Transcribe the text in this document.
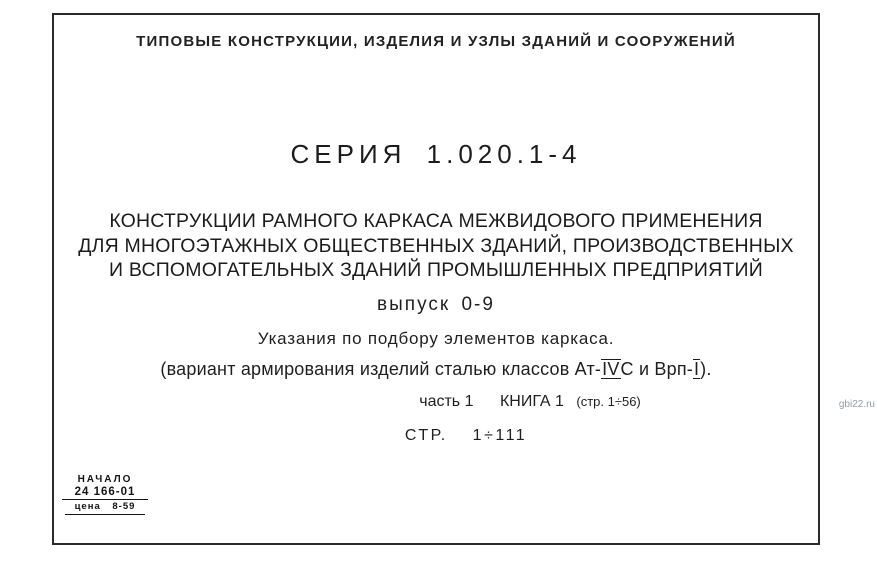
ТИПОВЫЕ КОНСТРУКЦИИ, ИЗДЕЛИЯ И УЗЛЫ ЗДАНИЙ И СООРУЖЕНИЙ
СЕРИЯ 1.020.1-4
КОНСТРУКЦИИ РАМНОГО КАРКАСА МЕЖВИДОВОГО ПРИМЕНЕНИЯ
ДЛЯ МНОГОЭТАЖНЫХ ОБЩЕСТВЕННЫХ ЗДАНИЙ, ПРОИЗВОДСТВЕННЫХ
И ВСПОМОГАТЕЛЬНЫХ ЗДАНИЙ ПРОМЫШЛЕННЫХ ПРЕДПРИЯТИЙ
выпуск 0-9
Указания по подбору элементов каркаса.
(вариант армирования изделий сталью классов Ат-IVС и Врп-I).
часть 1 КНИГА 1 (стр. 1÷56)
СТР. 1÷111
НАЧАЛО
24 166-01
цена 8-59
gbi22.ru
